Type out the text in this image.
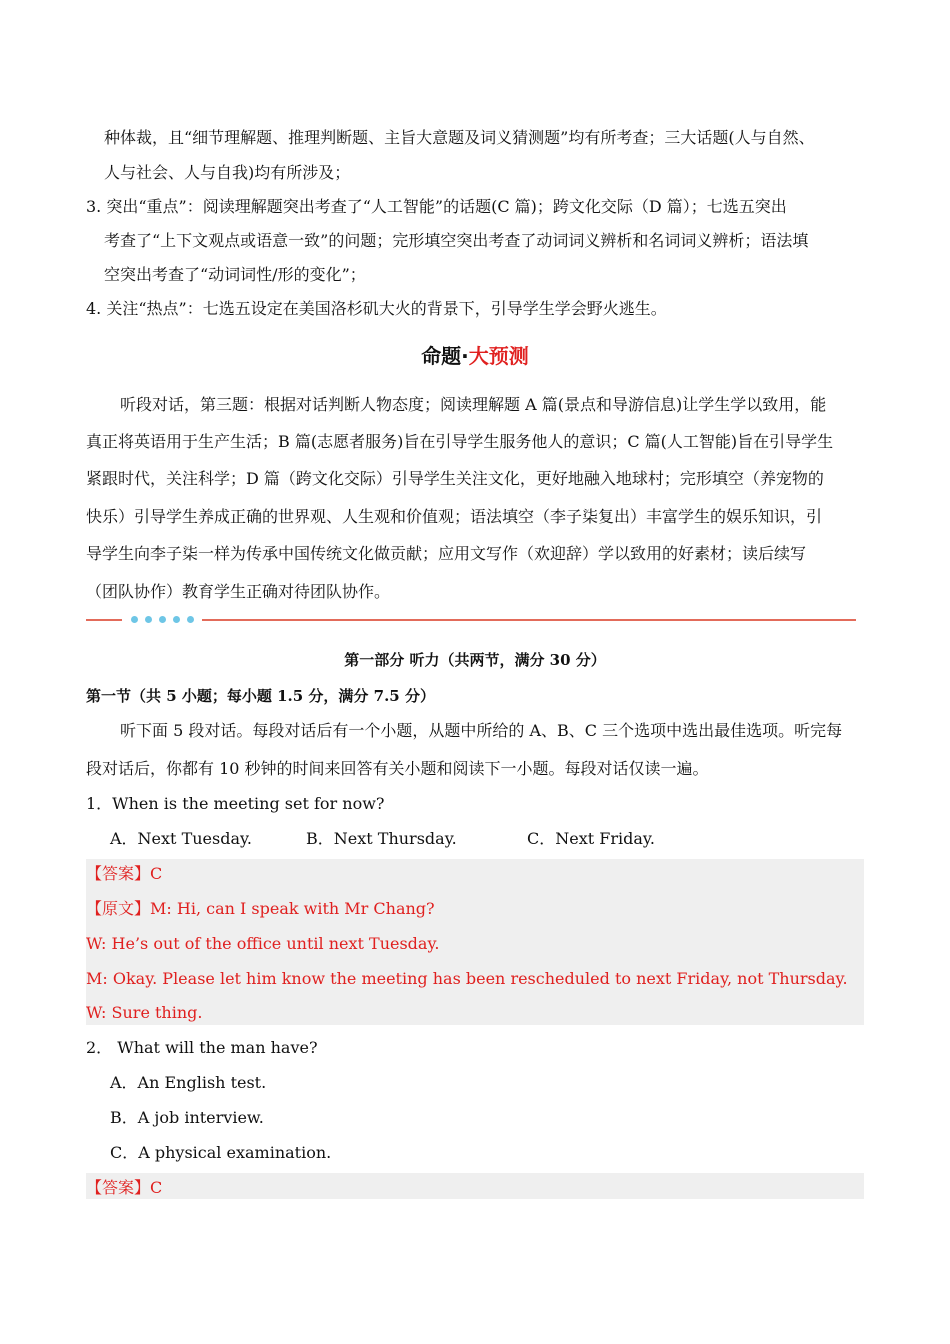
种体裁，且“细节理解题、推理判断题、主旨大意题及词义猜测题”均有所考查；三大话题(人与自然、
人与社会、人与自我)均有所涉及；
3. 突出“重点”：阅读理解题突出考查了“人工智能”的话题(C 篇)；跨文化交际（D 篇）；七选五突出
考查了“上下文观点或语意一致”的问题；完形填空突出考查了动词词义辨析和名词词义辨析；语法填
空突出考查了“动词词性/形的变化”；
4. 关注“热点”：七选五设定在美国洛杉矶大火的背景下，引导学生学会野火逃生。
命题·大预测
听段对话，第三题：根据对话判断人物态度；阅读理解题 A 篇(景点和导游信息)让学生学以致用，能
真正将英语用于生产生活；B 篇(志愿者服务)旨在引导学生服务他人的意识；C 篇(人工智能)旨在引导学生
紧跟时代，关注科学；D 篇（跨文化交际）引导学生关注文化，更好地融入地球村；完形填空（养宠物的
快乐）引导学生养成正确的世界观、人生观和价值观；语法填空（李子柒复出）丰富学生的娱乐知识，引
导学生向李子柒一样为传承中国传统文化做贡献；应用文写作（欢迎辞）学以致用的好素材；读后续写
（团队协作）教育学生正确对待团队协作。
第一部分 听力（共两节，满分 30 分）
第一节（共 5 小题；每小题 1.5 分，满分 7.5 分）
听下面 5 段对话。每段对话后有一个小题，从题中所给的 A、B、C 三个选项中选出最佳选项。听完每
段对话后，你都有 10 秒钟的时间来回答有关小题和阅读下一小题。每段对话仅读一遍。
1．When is the meeting set for now?
A．Next Tuesday.	B．Next Thursday.	C．Next Friday.
【答案】C
【原文】M: Hi, can I speak with Mr Chang?
W: He’s out of the office until next Tuesday.
M: Okay. Please let him know the meeting has been rescheduled to next Friday, not Thursday.
W: Sure thing.
2． What will the man have?
A．An English test.
B．A job interview.
C．A physical examination.
【答案】C
